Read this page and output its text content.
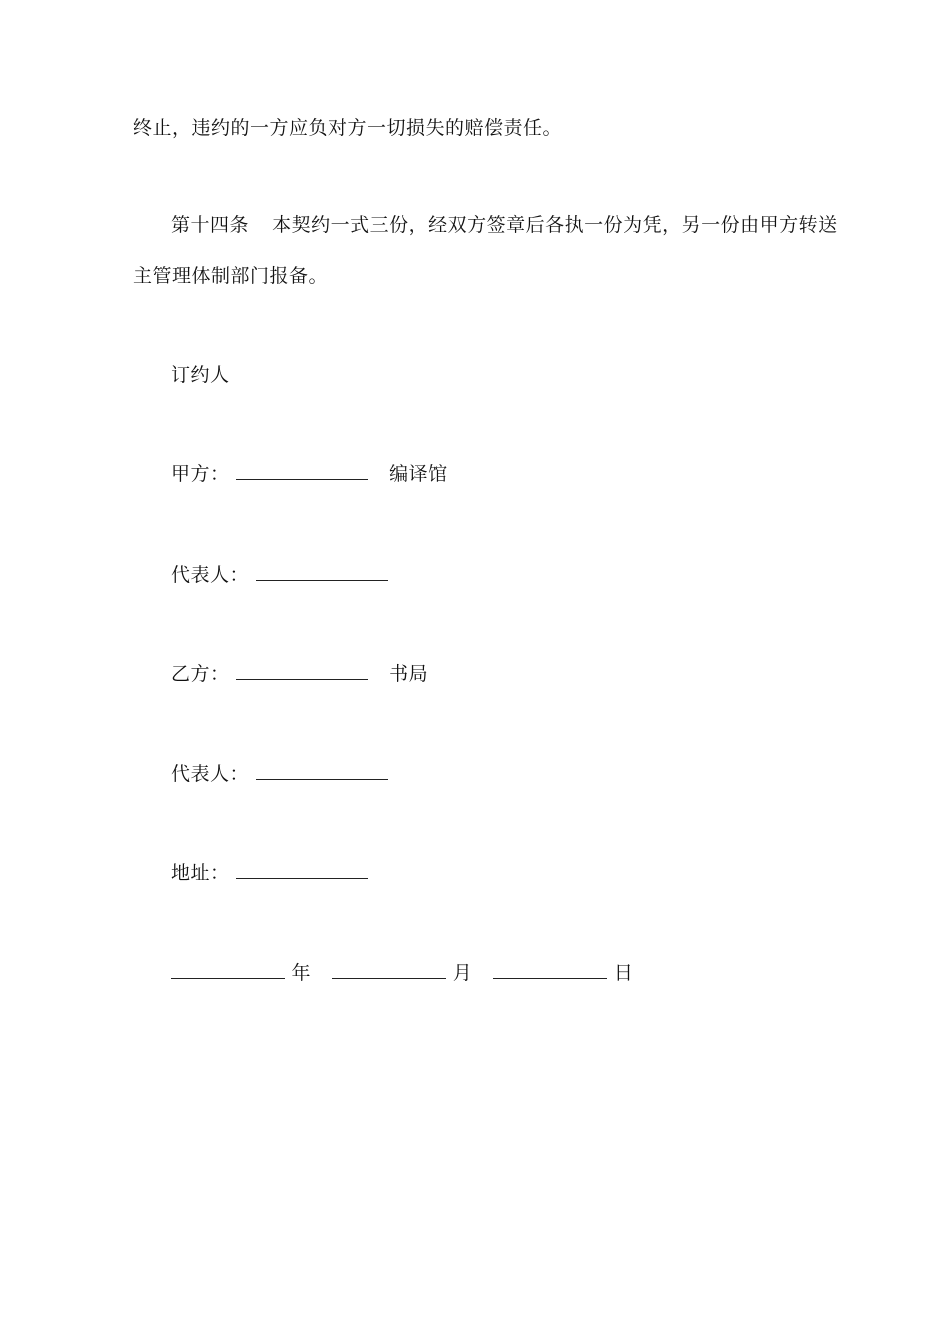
终止，违约的一方应负对方一切损失的赔偿责任。
第十四条 本契约一式三份，经双方签章后各执一份为凭，另一份由甲方转送
主管理体制部门报备。
订约人
甲方：	编译馆
代表人：
乙方：	书局
代表人：
地址：
年	月	日
